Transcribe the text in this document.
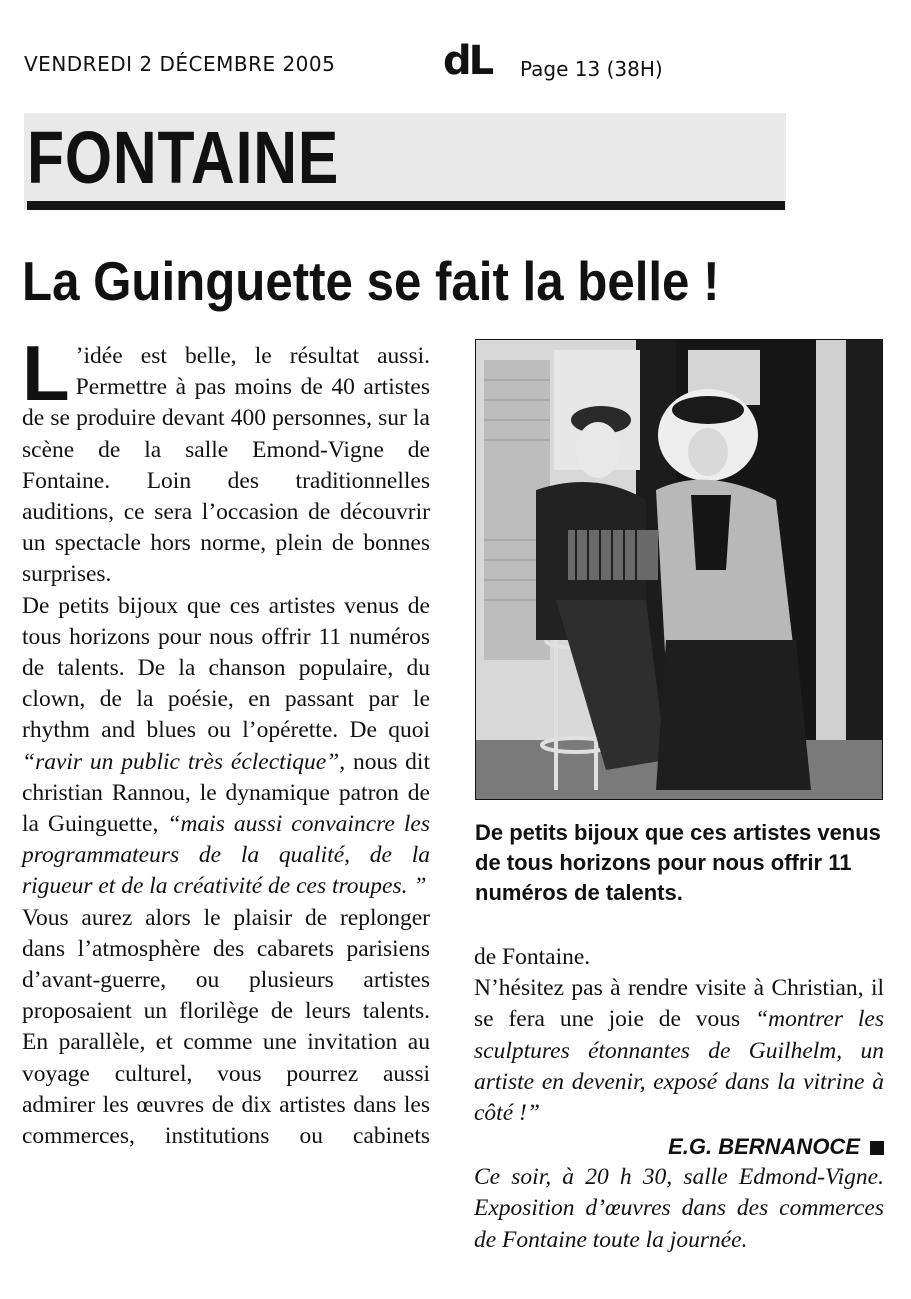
VENDREDI 2 DÉCEMBRE 2005	dL Page 13 (38H)
FONTAINE
La Guinguette se fait la belle !

L ’idée est belle, le résultat aussi. Permettre à pas moins de 40 artistes de se produire devant 400 personnes, sur la scène de la salle Emond-Vigne de Fontaine. Loin des traditionnelles auditions, ce sera l’occasion de découvrir un spectacle hors norme, plein de bonnes surprises.

De petits bijoux que ces artistes venus de tous horizons pour nous offrir 11 numéros de talents. De la chanson populaire, du clown, de la poésie, en passant par le rhythm and blues ou l’opérette. De quoi “ravir un public très éclectique”, nous dit christian Rannou, le dynamique patron de la Guinguette, “mais aussi convaincre les programmateurs de la qualité, de la rigueur et de la créativité de ces troupes. ”

Vous aurez alors le plaisir de replonger dans l’atmosphère des cabarets parisiens d’avant-guerre, ou plusieurs artistes proposaient un florilège de leurs talents. En parallèle, et comme une invitation au voyage culturel, vous pourrez aussi admirer les œuvres de dix artistes dans les commerces, institutions ou cabinets

De petits bijoux que ces artistes venus de tous horizons pour nous offrir 11 numéros de talents.

de Fontaine.

N’hésitez pas à rendre visite à Christian, il se fera une joie de vous “montrer les sculptures étonnantes de Guilhelm, un artiste en devenir, exposé dans la vitrine à côté !”

E.G. BERNANOCE

Ce soir, à 20 h 30, salle Edmond-Vigne. Exposition d’œuvres dans des commerces de Fontaine toute la journée.
